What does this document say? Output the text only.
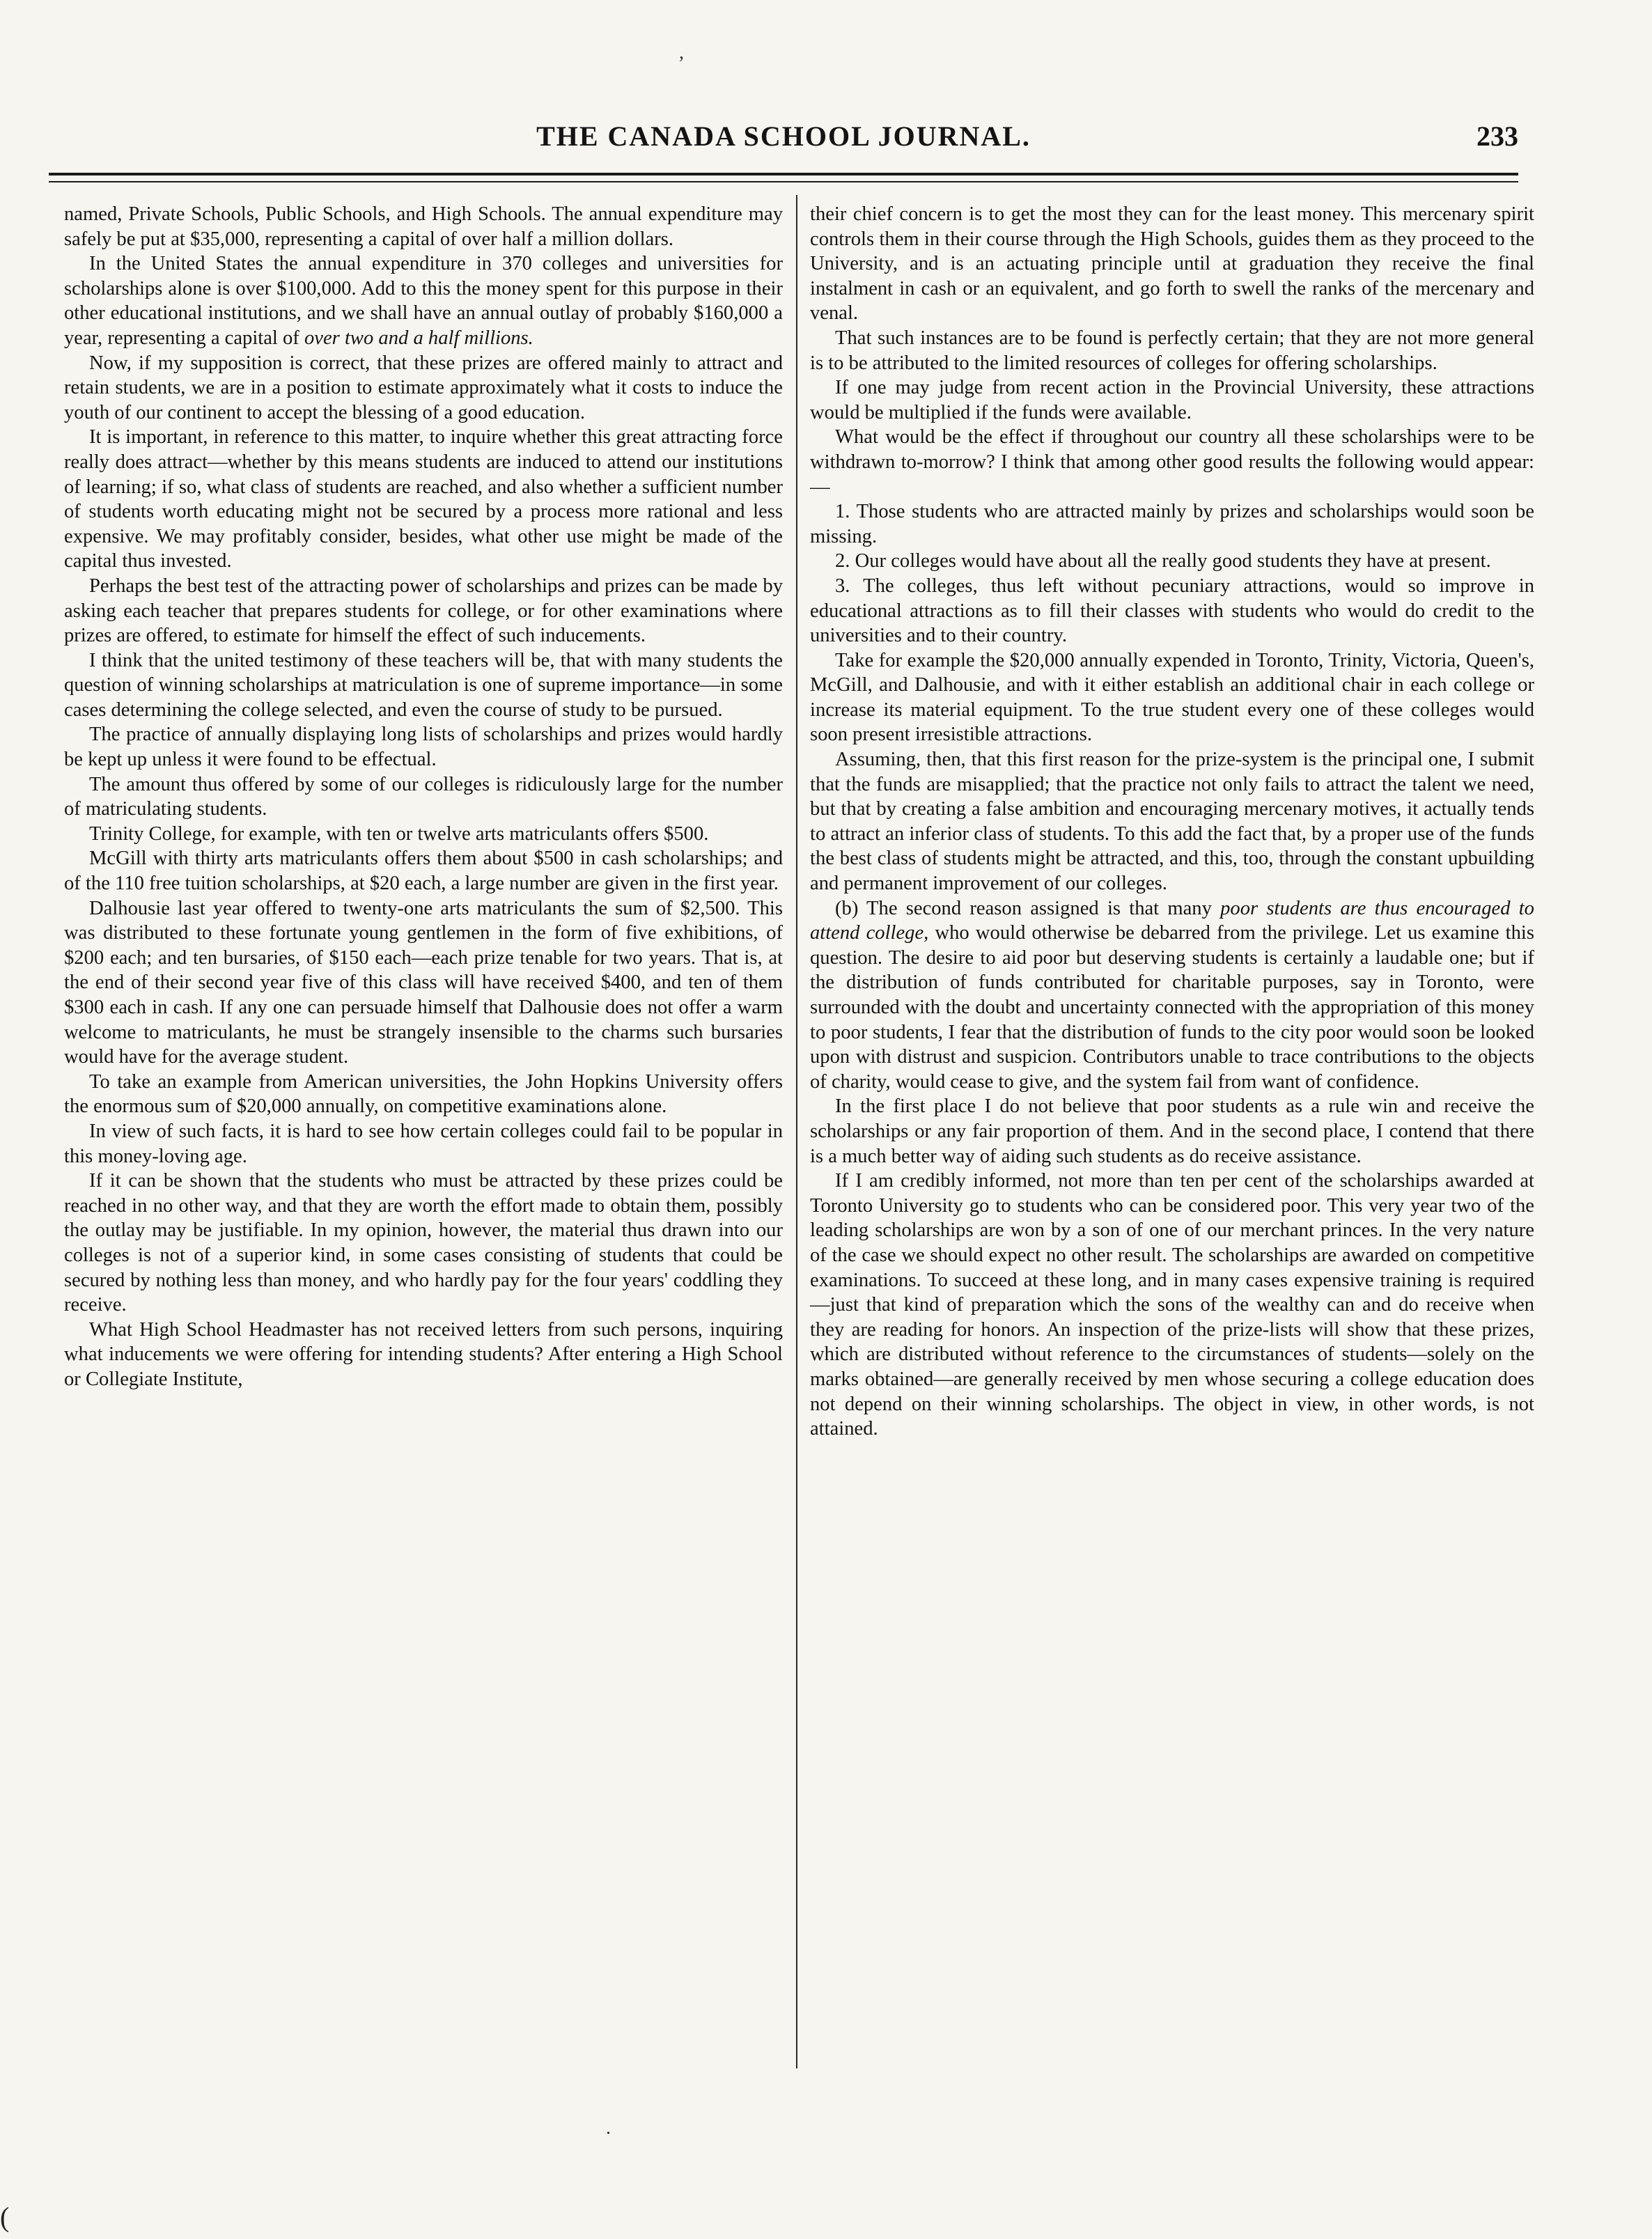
,
THE CANADA SCHOOL JOURNAL.	233

named, Private Schools, Public Schools, and High Schools. The annual expenditure may safely be put at $35,000, representing a capital of over half a million dollars.

In the United States the annual expenditure in 370 colleges and universities for scholarships alone is over $100,000. Add to this the money spent for this purpose in their other educational institutions, and we shall have an annual outlay of probably $160,000 a year, representing a capital of over two and a half millions.

Now, if my supposition is correct, that these prizes are offered mainly to attract and retain students, we are in a position to estimate approximately what it costs to induce the youth of our continent to accept the blessing of a good education.

It is important, in reference to this matter, to inquire whether this great attracting force really does attract—whether by this means students are induced to attend our institutions of learning; if so, what class of students are reached, and also whether a sufficient number of students worth educating might not be secured by a process more rational and less expensive. We may profitably consider, besides, what other use might be made of the capital thus invested.

Perhaps the best test of the attracting power of scholarships and prizes can be made by asking each teacher that prepares students for college, or for other examinations where prizes are offered, to estimate for himself the effect of such inducements.

I think that the united testimony of these teachers will be, that with many students the question of winning scholarships at matriculation is one of supreme importance—in some cases determining the college selected, and even the course of study to be pursued.

The practice of annually displaying long lists of scholarships and prizes would hardly be kept up unless it were found to be effectual.

The amount thus offered by some of our colleges is ridiculously large for the number of matriculating students.

Trinity College, for example, with ten or twelve arts matriculants offers $500.

McGill with thirty arts matriculants offers them about $500 in cash scholarships; and of the 110 free tuition scholarships, at $20 each, a large number are given in the first year.

Dalhousie last year offered to twenty-one arts matriculants the sum of $2,500. This was distributed to these fortunate young gentlemen in the form of five exhibitions, of $200 each; and ten bursaries, of $150 each—each prize tenable for two years. That is, at the end of their second year five of this class will have received $400, and ten of them $300 each in cash. If any one can persuade himself that Dalhousie does not offer a warm welcome to matriculants, he must be strangely insensible to the charms such bursaries would have for the average student.

To take an example from American universities, the John Hopkins University offers the enormous sum of $20,000 annually, on competitive examinations alone.

In view of such facts, it is hard to see how certain colleges could fail to be popular in this money-loving age.

If it can be shown that the students who must be attracted by these prizes could be reached in no other way, and that they are worth the effort made to obtain them, possibly the outlay may be justifiable. In my opinion, however, the material thus drawn into our colleges is not of a superior kind, in some cases consisting of students that could be secured by nothing less than money, and who hardly pay for the four years' coddling they receive.

What High School Headmaster has not received letters from such persons, inquiring what inducements we were offering for intending students? After entering a High School or Collegiate Institute,

their chief concern is to get the most they can for the least money. This mercenary spirit controls them in their course through the High Schools, guides them as they proceed to the University, and is an actuating principle until at graduation they receive the final instalment in cash or an equivalent, and go forth to swell the ranks of the mercenary and venal.

That such instances are to be found is perfectly certain; that they are not more general is to be attributed to the limited resources of colleges for offering scholarships.

If one may judge from recent action in the Provincial University, these attractions would be multiplied if the funds were available.

What would be the effect if throughout our country all these scholarships were to be withdrawn to-morrow? I think that among other good results the following would appear:—

1. Those students who are attracted mainly by prizes and scholarships would soon be missing.

2. Our colleges would have about all the really good students they have at present.

3. The colleges, thus left without pecuniary attractions, would so improve in educational attractions as to fill their classes with students who would do credit to the universities and to their country.

Take for example the $20,000 annually expended in Toronto, Trinity, Victoria, Queen's, McGill, and Dalhousie, and with it either establish an additional chair in each college or increase its material equipment. To the true student every one of these colleges would soon present irresistible attractions.

Assuming, then, that this first reason for the prize-system is the principal one, I submit that the funds are misapplied; that the practice not only fails to attract the talent we need, but that by creating a false ambition and encouraging mercenary motives, it actually tends to attract an inferior class of students. To this add the fact that, by a proper use of the funds the best class of students might be attracted, and this, too, through the constant upbuilding and permanent improvement of our colleges.

(b) The second reason assigned is that many poor students are thus encouraged to attend college, who would otherwise be debarred from the privilege. Let us examine this question. The desire to aid poor but deserving students is certainly a laudable one; but if the distribution of funds contributed for charitable purposes, say in Toronto, were surrounded with the doubt and uncertainty connected with the appropriation of this money to poor students, I fear that the distribution of funds to the city poor would soon be looked upon with distrust and suspicion. Contributors unable to trace contributions to the objects of charity, would cease to give, and the system fail from want of confidence.

In the first place I do not believe that poor students as a rule win and receive the scholarships or any fair proportion of them. And in the second place, I contend that there is a much better way of aiding such students as do receive assistance.

If I am credibly informed, not more than ten per cent of the scholarships awarded at Toronto University go to students who can be considered poor. This very year two of the leading scholarships are won by a son of one of our merchant princes. In the very nature of the case we should expect no other result. The scholarships are awarded on competitive examinations. To succeed at these long, and in many cases expensive training is required—just that kind of preparation which the sons of the wealthy can and do receive when they are reading for honors. An inspection of the prize-lists will show that these prizes, which are distributed without reference to the circumstances of students—solely on the marks obtained—are generally received by men whose securing a college education does not depend on their winning scholarships. The object in view, in other words, is not attained.

.
(
